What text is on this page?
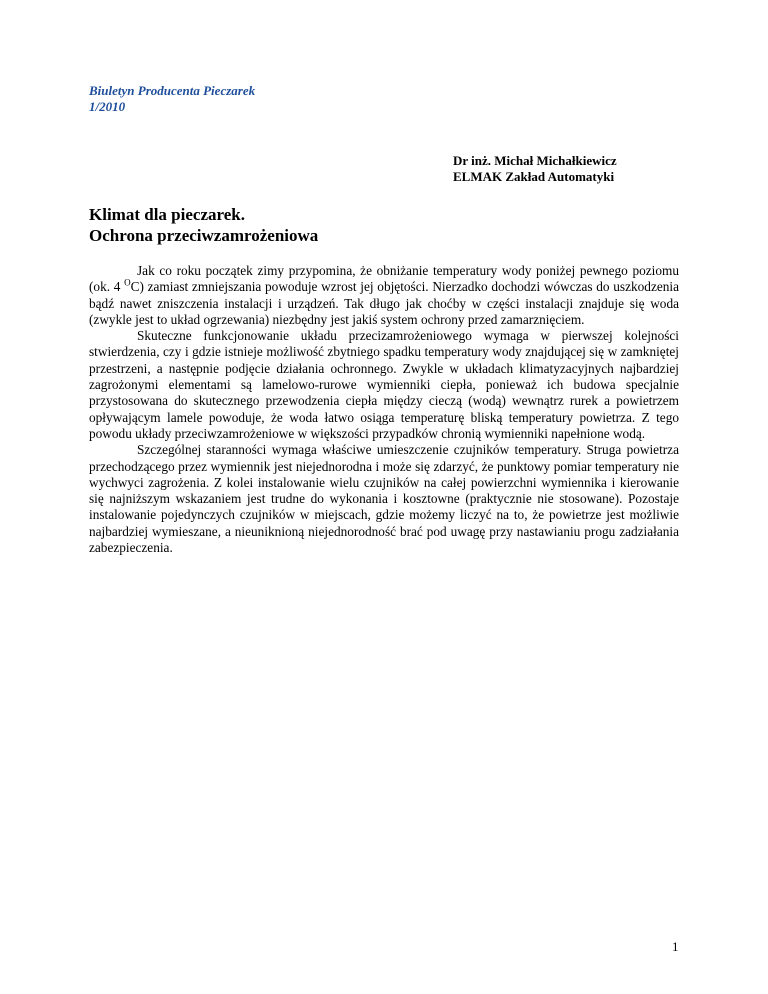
Biuletyn Producenta Pieczarek
1/2010
Dr inż. Michał Michałkiewicz
ELMAK Zakład Automatyki
Klimat dla pieczarek.
Ochrona przeciwzamrożeniowa

Jak co roku początek zimy przypomina, że obniżanie temperatury wody poniżej pewnego poziomu (ok. 4 $^O$C) zamiast zmniejszania powoduje wzrost jej objętości. Nierzadko dochodzi wówczas do uszkodzenia bądź nawet zniszczenia instalacji i urządzeń. Tak długo jak choćby w części instalacji znajduje się woda (zwykle jest to układ ogrzewania) niezbędny jest jakiś system ochrony przed zamarznięciem.

Skuteczne funkcjonowanie układu przecizamrożeniowego wymaga w pierwszej kolejności stwierdzenia, czy i gdzie istnieje możliwość zbytniego spadku temperatury wody znajdującej się w zamkniętej przestrzeni, a następnie podjęcie działania ochronnego. Zwykle w układach klimatyzacyjnych najbardziej zagrożonymi elementami są lamelowo-rurowe wymienniki ciepła, ponieważ ich budowa specjalnie przystosowana do skutecznego przewodzenia ciepła między cieczą (wodą) wewnątrz rurek a powietrzem opływającym lamele powoduje, że woda łatwo osiąga temperaturę bliską temperatury powietrza. Z tego powodu układy przeciwzamrożeniowe w większości przypadków chronią wymienniki napełnione wodą.

Szczególnej staranności wymaga właściwe umieszczenie czujników temperatury. Struga powietrza przechodzącego przez wymiennik jest niejednorodna i może się zdarzyć, że punktowy pomiar temperatury nie wychwyci zagrożenia. Z kolei instalowanie wielu czujników na całej powierzchni wymiennika i kierowanie się najniższym wskazaniem jest trudne do wykonania i kosztowne (praktycznie nie stosowane). Pozostaje instalowanie pojedynczych czujników w miejscach, gdzie możemy liczyć na to, że powietrze jest możliwie najbardziej wymieszane, a nieuniknioną niejednorodność brać pod uwagę przy nastawianiu progu zadziałania zabezpieczenia.

1
